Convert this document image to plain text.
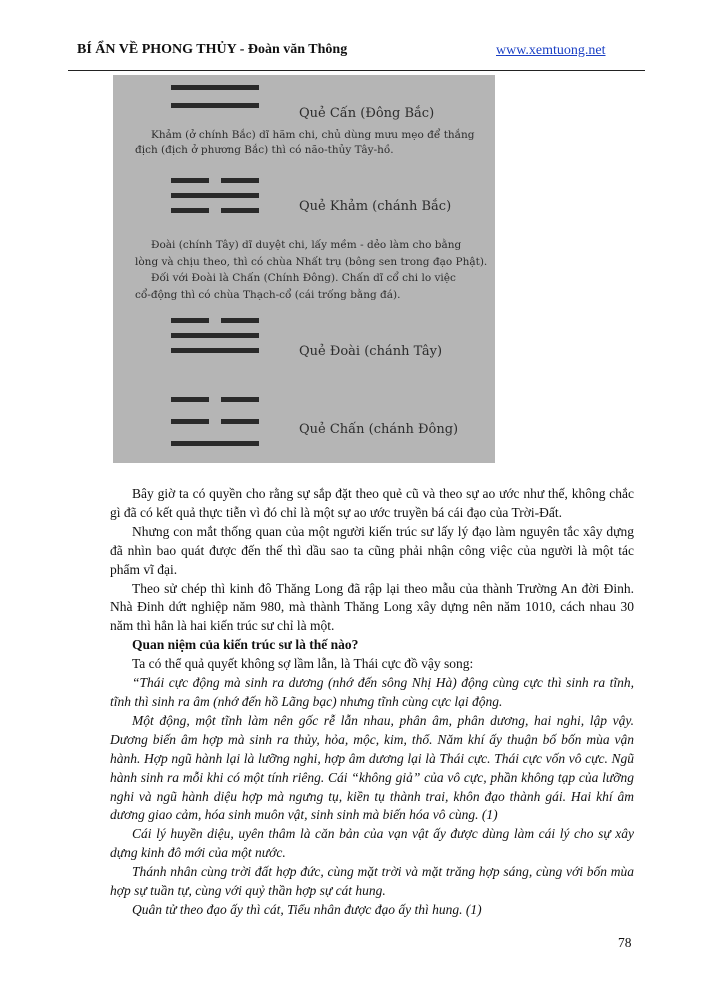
BÍ ẨN VỀ PHONG THỦY - Đoàn văn Thông	www.xemtuong.net
Quẻ Cấn (Đông Bắc)
Khảm (ở chính Bắc) dĩ hãm chi, chủ dùng mưu mẹo để thắng
địch (địch ở phương Bắc) thì có não-thủy Tây-hồ.
Quẻ Khảm (chánh Bắc)
Đoài (chính Tây) dĩ duyệt chi, lấy mềm - dẻo làm cho bằng
lòng và chịu theo, thì có chùa Nhất trụ (bông sen trong đạo Phật).
Đối với Đoài là Chấn (Chính Đông). Chấn dĩ cổ chi lo việc
cổ-động thì có chùa Thạch-cổ (cái trống bằng đá).
Quẻ Đoài (chánh Tây)
Quẻ Chấn (chánh Đông)

Bây giờ ta có quyền cho rằng sự sắp đặt theo quẻ cũ và theo sự ao ước như thế, không chắc gì đã có kết quả thực tiễn vì đó chỉ là một sự ao ước truyền bá cái đạo của Trời-Đất.

Nhưng con mắt thống quan của một người kiến trúc sư lấy lý đạo làm nguyên tắc xây dựng đã nhìn bao quát được đến thế thì dầu sao ta cũng phải nhận công việc của người là một tác phẩm vĩ đại.

Theo sử chép thì kinh đô Thăng Long đã rập lại theo mẫu của thành Trường An đời Đinh. Nhà Đinh dứt nghiệp năm 980, mà thành Thăng Long xây dựng nên năm 1010, cách nhau 30 năm thì hẳn là hai kiến trúc sư chỉ là một.

Quan niệm của kiến trúc sư là thế nào?

Ta có thể quả quyết không sợ lầm lẫn, là Thái cực đồ vậy song:

“Thái cực động mà sinh ra dương (nhớ đến sông Nhị Hà) động cùng cực thì sinh ra tĩnh, tĩnh thì sinh ra âm (nhớ đến hồ Lãng bạc) nhưng tĩnh cùng cực lại động.

Một động, một tĩnh làm nên gốc rễ lẫn nhau, phân âm, phân dương, hai nghi, lập vậy. Dương biến âm hợp mà sinh ra thủy, hỏa, mộc, kim, thổ. Năm khí ấy thuận bố bốn mùa vận hành. Hợp ngũ hành lại là lưỡng nghi, hợp âm dương lại là Thái cực. Thái cực vốn vô cực. Ngũ hành sinh ra mỗi khi có một tính riêng. Cái “không giả” của vô cực, phần không tạp của lưỡng nghi và ngũ hành diệu hợp mà ngưng tụ, kiền tụ thành trai, khôn đạo thành gái. Hai khí âm dương giao cảm, hóa sinh muôn vật, sinh sinh mà biến hóa vô cùng. (1)

Cái lý huyền diệu, uyên thâm là căn bản của vạn vật ấy được dùng làm cái lý cho sự xây dựng kinh đô mới của một nước.

Thánh nhân cùng trời đất hợp đức, cùng mặt trời và mặt trăng hợp sáng, cùng với bốn mùa hợp sự tuần tự, cùng với quỷ thần hợp sự cát hung.

Quân tử theo đạo ấy thì cát, Tiểu nhân được đạo ấy thì hung. (1)

78
